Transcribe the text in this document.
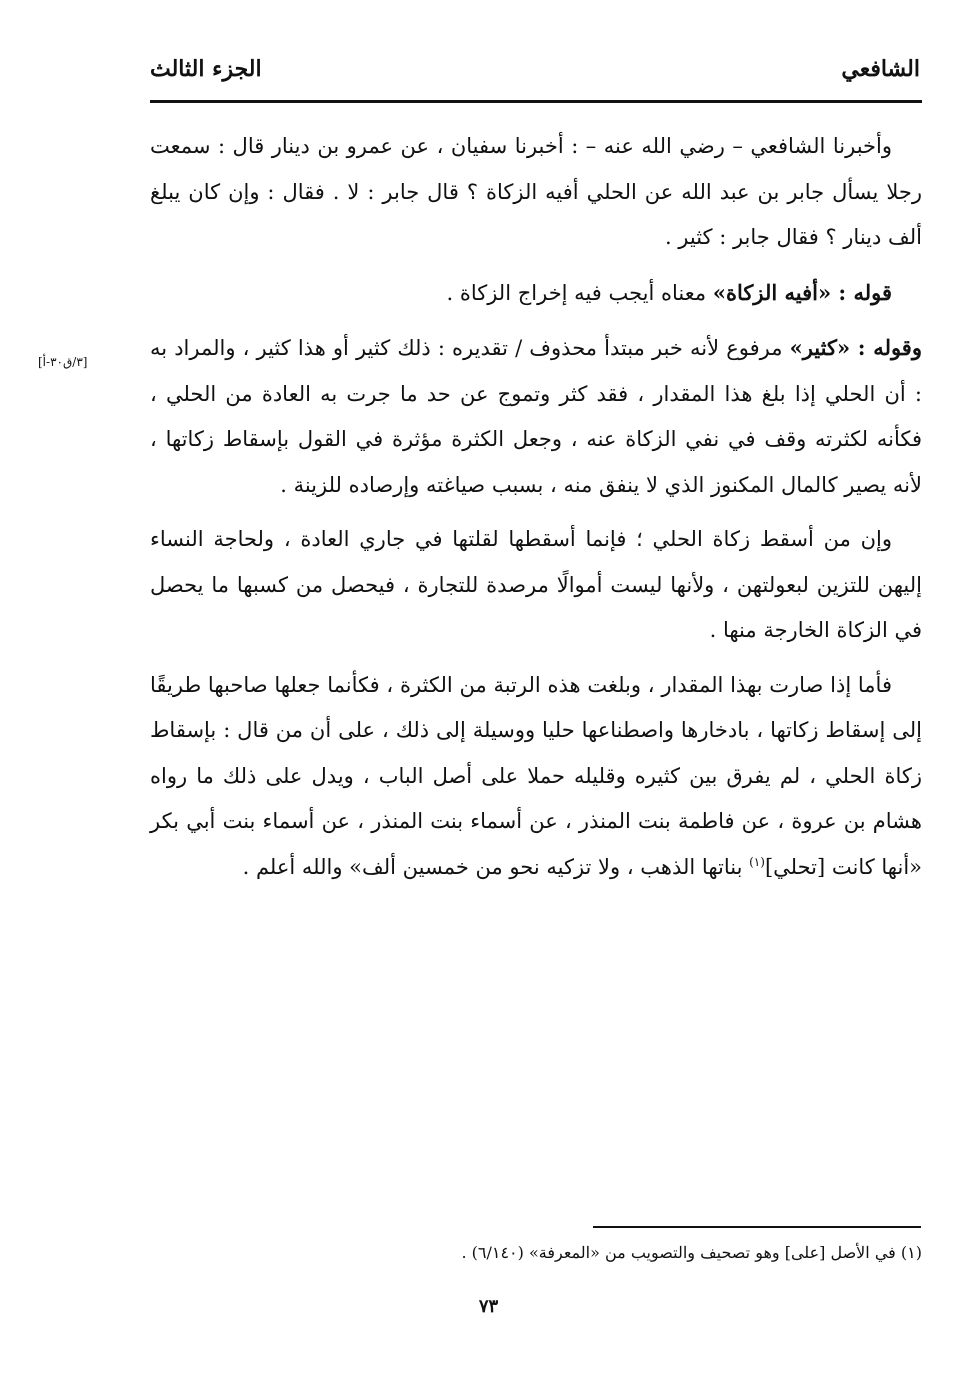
الشافعي
الجزء الثالث
[٣/ق٣٠-أ]

وأخبرنا الشافعي – رضي الله عنه – : أخبرنا سفيان ، عن عمرو بن دينار قال : سمعت رجلا يسأل جابر بن عبد الله عن الحلي أفيه الزكاة ؟ قال جابر : لا . فقال : وإن كان يبلغ ألف دينار ؟ فقال جابر : كثير .

قوله : «أفيه الزكاة» معناه أيجب فيه إخراج الزكاة .

وقوله : «كثير» مرفوع لأنه خبر مبتدأ محذوف / تقديره : ذلك كثير أو هذا كثير ، والمراد به : أن الحلي إذا بلغ هذا المقدار ، فقد كثر وتموج عن حد ما جرت به العادة من الحلي ، فكأنه لكثرته وقف في نفي الزكاة عنه ، وجعل الكثرة مؤثرة في القول بإسقاط زكاتها ، لأنه يصير كالمال المكنوز الذي لا ينفق منه ، بسبب صياغته وإرصاده للزينة .

وإن من أسقط زكاة الحلي ؛ فإنما أسقطها لقلتها في جاري العادة ، ولحاجة النساء إليهن للتزين لبعولتهن ، ولأنها ليست أموالًا مرصدة للتجارة ، فيحصل من كسبها ما يحصل في الزكاة الخارجة منها .

فأما إذا صارت بهذا المقدار ، وبلغت هذه الرتبة من الكثرة ، فكأنما جعلها صاحبها طريقًا إلى إسقاط زكاتها ، بادخارها واصطناعها حليا ووسيلة إلى ذلك ، على أن من قال : بإسقاط زكاة الحلي ، لم يفرق بين كثيره وقليله حملا على أصل الباب ، ويدل على ذلك ما رواه هشام بن عروة ، عن فاطمة بنت المنذر ، عن أسماء بنت المنذر ، عن أسماء بنت أبي بكر «أنها كانت [تحلي]$^{(١)}$ بناتها الذهب ، ولا تزكيه نحو من خمسين ألف» والله أعلم .

(١) في الأصل [على] وهو تصحيف والتصويب من «المعرفة» (٦/١٤٠) .
٧٣
